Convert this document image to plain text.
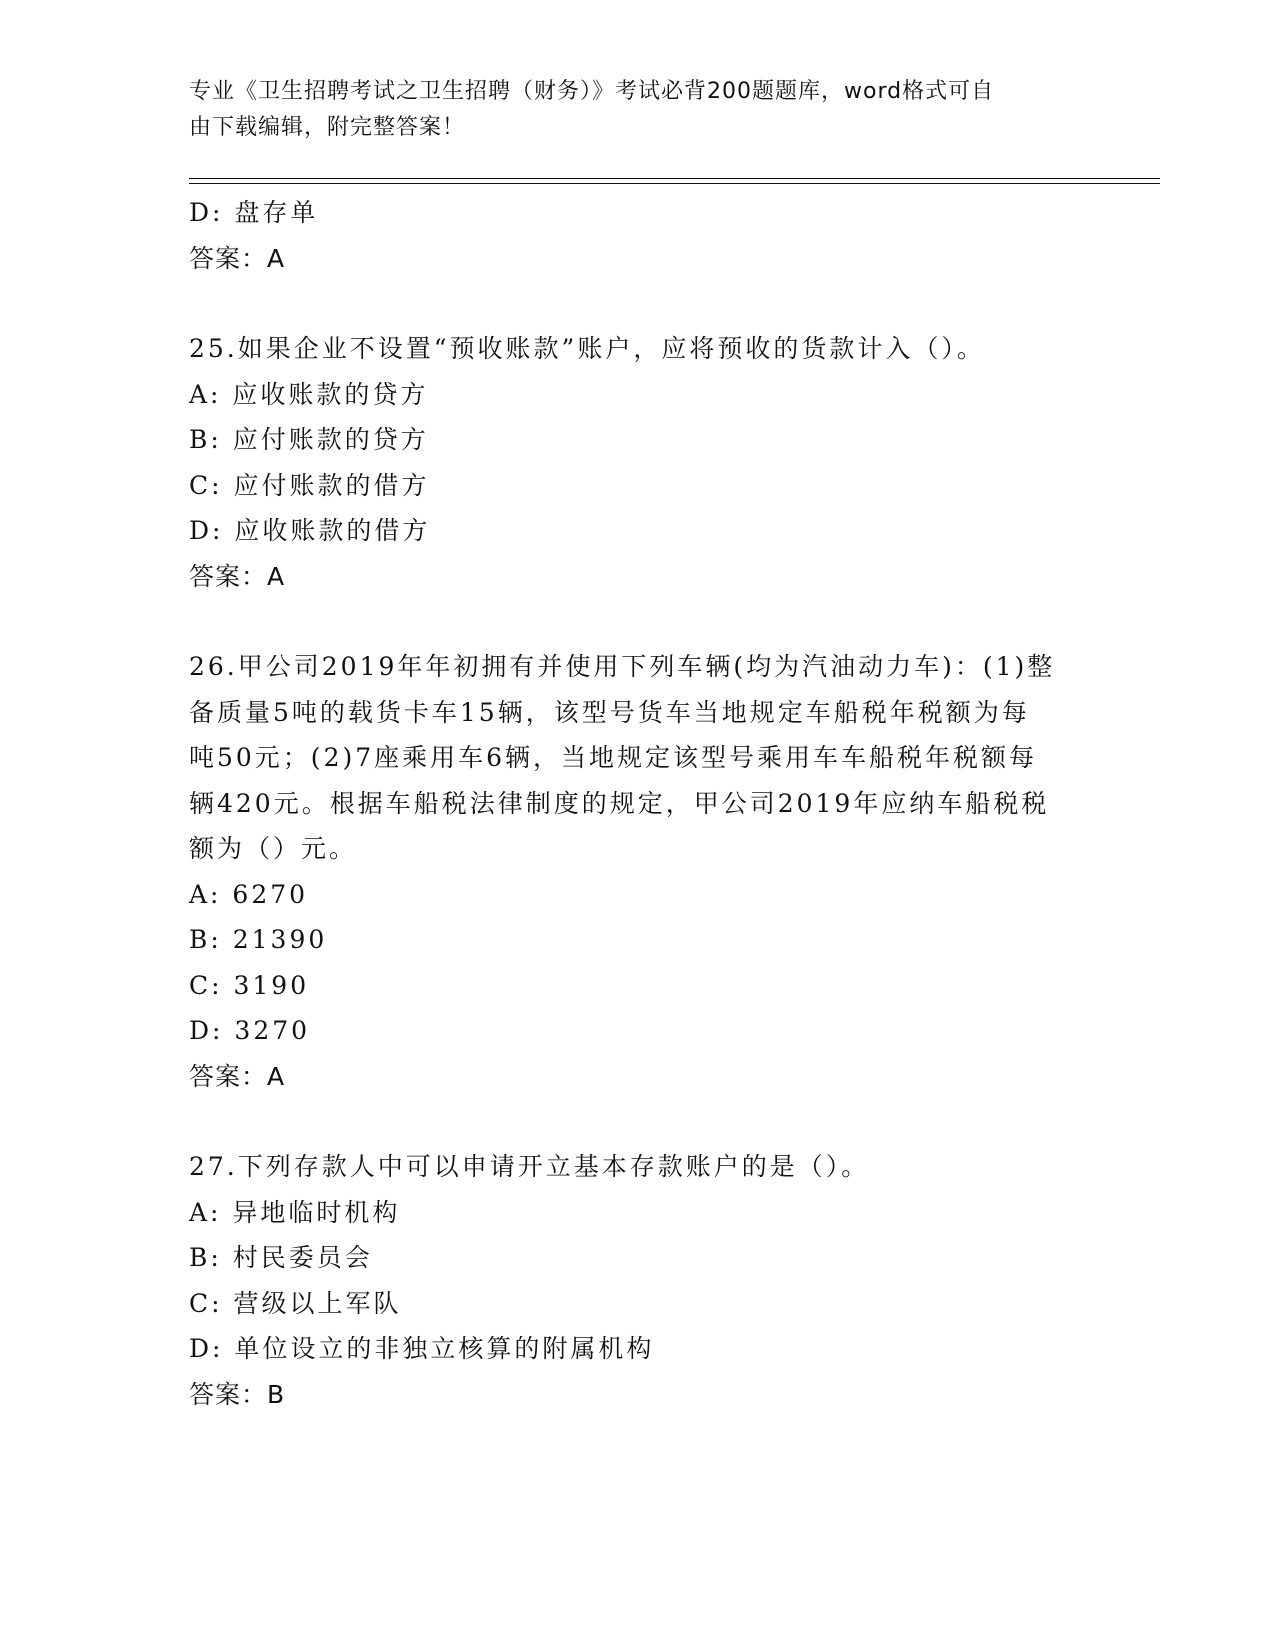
专业《卫生招聘考试之卫生招聘（财务）》考试必背200题题库，word格式可自
由下载编辑，附完整答案！
D: 盘存单
答案：A
25.如果企业不设置“预收账款”账户，应将预收的货款计入（）。
A: 应收账款的贷方
B: 应付账款的贷方
C: 应付账款的借方
D: 应收账款的借方
答案：A
26.甲公司2019年年初拥有并使用下列车辆(均为汽油动力车)：(1)整
备质量5吨的载货卡车15辆，该型号货车当地规定车船税年税额为每
吨50元；(2)7座乘用车6辆，当地规定该型号乘用车车船税年税额每
辆420元。根据车船税法律制度的规定，甲公司2019年应纳车船税税
额为（）元。
A: 6270
B: 21390
C: 3190
D: 3270
答案：A
27.下列存款人中可以申请开立基本存款账户的是（）。
A: 异地临时机构
B: 村民委员会
C: 营级以上军队
D: 单位设立的非独立核算的附属机构
答案：B
